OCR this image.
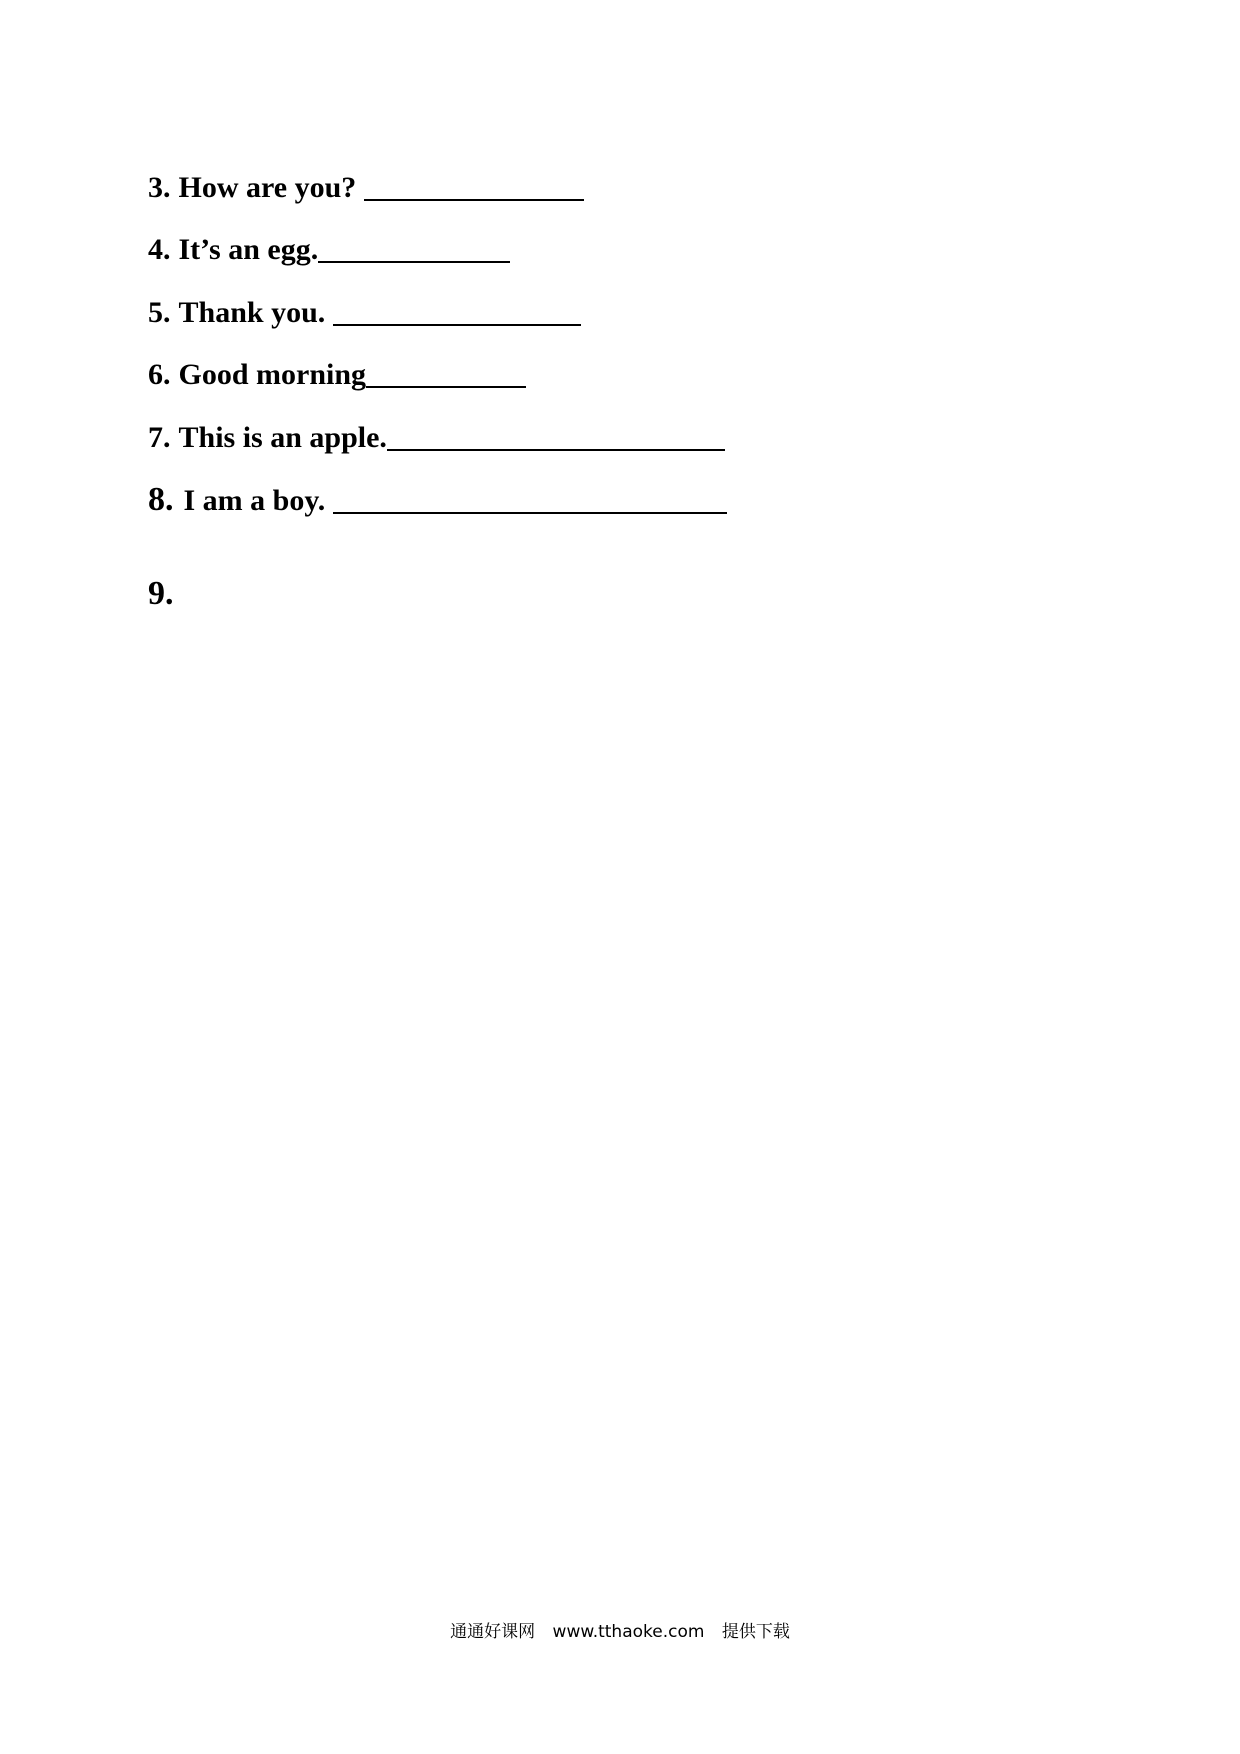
3. How are you?
4. It’s an egg.
5. Thank you.
6. Good morning
7. This is an apple.
8. I am a boy.
9.
通通好课网 www.tthaoke.com 提供下载
